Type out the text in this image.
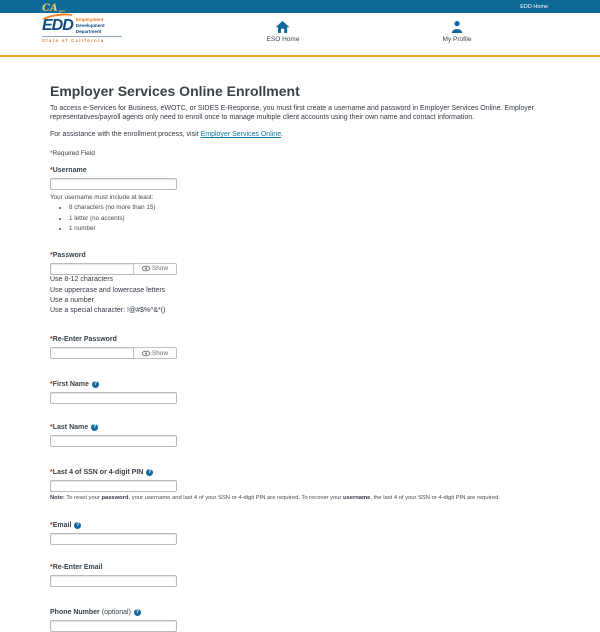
CA.gov
EDD Home
EDD Employment
Development
Department
State of California	ESO Home	My Profile
Employer Services Online Enrollment

To access e-Services for Business, eWOTC, or SIDES E-Response, you must first create a username and password in Employer Services Online. Employer representatives/payroll agents only need to enroll once to manage multiple client accounts using their own name and contact information.

For assistance with the enrollment process, visit Employer Services Online.

*Required Field

*Username
Your username must include at least:
• 8 characters (no more than 15)
• 1 letter (no accents)
• 1 number
*Password
Show
Use 8-12 characters
Use uppercase and lowercase letters
Use a number
Use a special character: !@#$%^&*()
*Re-Enter Password
Show
*First Name?
*Last Name?
*Last 4 of SSN or 4-digit PIN?
Note: To reset your password, your username and last 4 of your SSN or 4-digit PIN are required. To recover your username, the last 4 of your SSN or 4-digit PIN are required.
*Email?
*Re-Enter Email
Phone Number (optional)?
